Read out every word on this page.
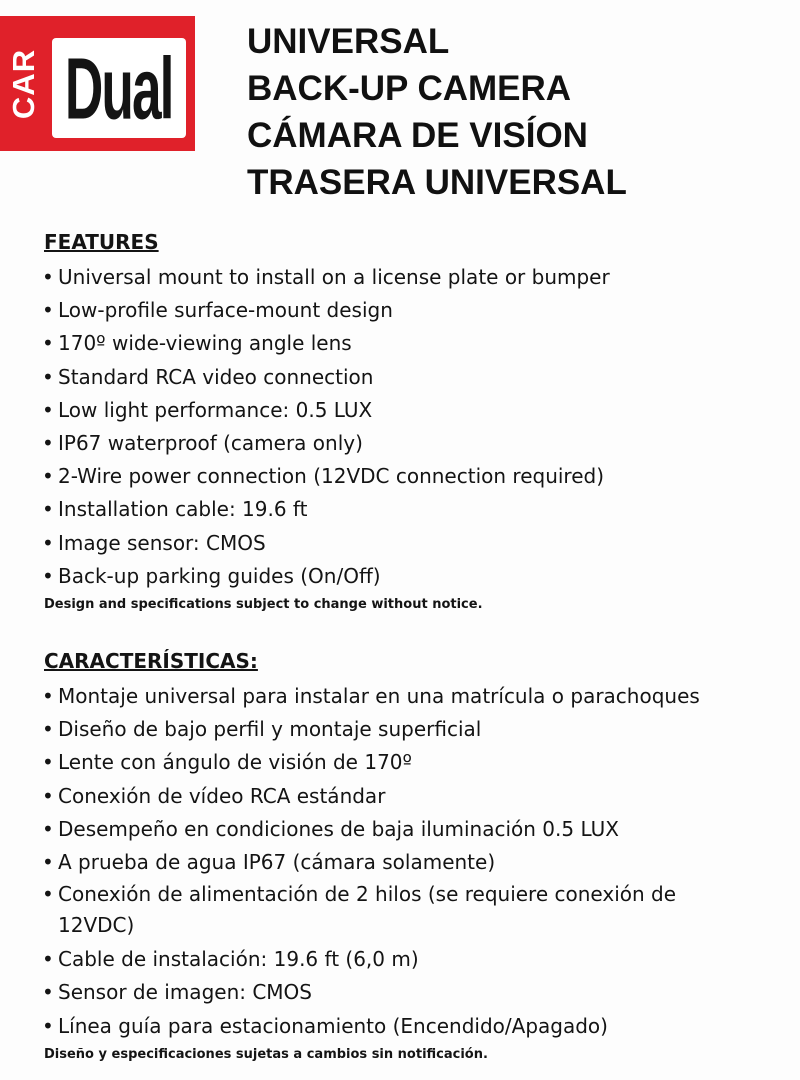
CAR Dual UNIVERSAL
BACK-UP CAMERA
CÁMARA DE VISÍON
TRASERA UNIVERSAL
FEATURES
• Universal mount to install on a license plate or bumper
• Low-profile surface-mount design
• 170º wide-viewing angle lens
• Standard RCA video connection
• Low light performance: 0.5 LUX
• IP67 waterproof (camera only)
• 2-Wire power connection (12VDC connection required)
• Installation cable: 19.6 ft
• Image sensor: CMOS
• Back-up parking guides (On/Off)
Design and specifications subject to change without notice.
CARACTERÍSTICAS:
• Montaje universal para instalar en una matrícula o parachoques
• Diseño de bajo perfil y montaje superficial
• Lente con ángulo de visión de 170º
• Conexión de vídeo RCA estándar
• Desempeño en condiciones de baja iluminación 0.5 LUX
• A prueba de agua IP67 (cámara solamente)
• Conexión de alimentación de 2 hilos (se requiere conexión de 12VDC)
• Cable de instalación: 19.6 ft (6,0 m)
• Sensor de imagen: CMOS
• Línea guía para estacionamiento (Encendido/Apagado)
Diseño y especificaciones sujetas a cambios sin notificación.
